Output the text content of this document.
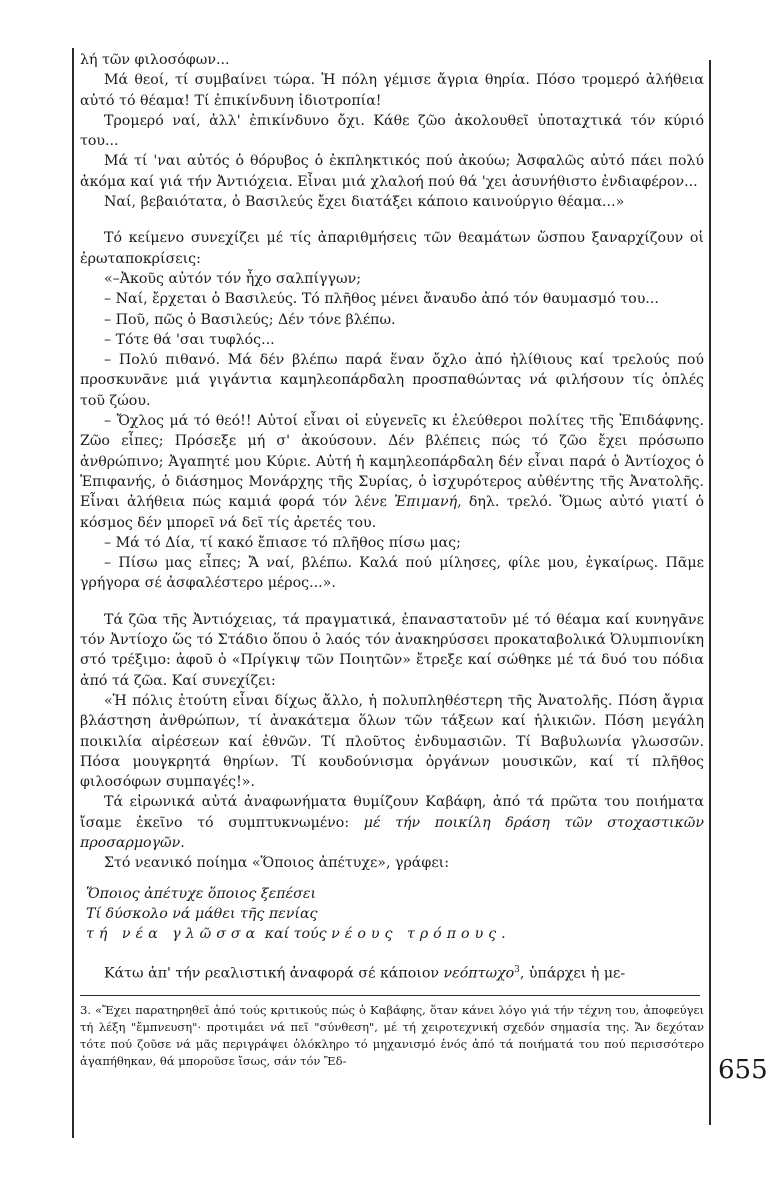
655

λή τῶν φιλοσόφων...

Μά θεοί, τί συμβαίνει τώρα. Ἡ πόλη γέμισε ἄγρια θηρία. Πόσο τρομερό ἀλήθεια αὐτό τό θέαμα! Τί ἐπικίνδυνη ἰδιοτροπία!

Τρομερό ναί, ἀλλ' ἐπικίνδυνο ὄχι. Κάθε ζῶο ἀκολουθεῖ ὑποταχτικά τόν κύριό του...

Μά τί 'ναι αὐτός ὁ θόρυβος ὁ ἐκπληκτικός πού ἀκούω; Ἀσφαλῶς αὐτό πάει πολύ ἀκόμα καί γιά τήν Ἀντιόχεια. Εἶναι μιά χλαλοή πού θά 'χει ἀσυνήθιστο ἐνδιαφέρον...

Ναί, βεβαιότατα, ὁ Βασιλεύς ἔχει διατάξει κάποιο καινούργιο θέαμα...»

Τό κείμενο συνεχίζει μέ τίς ἀπαριθμήσεις τῶν θεαμάτων ὥσπου ξαναρχίζουν οἱ ἐρωταποκρίσεις:

«–Ἀκοῦς αὐτόν τόν ἦχο σαλπίγγων;

– Ναί, ἔρχεται ὁ Βασιλεύς. Τό πλῆθος μένει ἄναυδο ἀπό τόν θαυμασμό του...

– Ποῦ, πῶς ὁ Βασιλεύς; Δέν τόνε βλέπω.

– Τότε θά 'σαι τυφλός...

– Πολύ πιθανό. Μά δέν βλέπω παρά ἕναν ὄχλο ἀπό ἠλίθιους καί τρελούς πού προσκυνᾶνε μιά γιγάντια καμηλεοπάρδαλη προσπαθώντας νά φιλήσουν τίς ὁπλές τοῦ ζώου.

– Ὄχλος μά τό θεό!! Αὐτοί εἶναι οἱ εὐγενεῖς κι ἐλεύθεροι πολίτες τῆς Ἐπιδάφνης. Ζῶο εἶπες; Πρόσεξε μή σ' ἀκούσουν. Δέν βλέπεις πώς τό ζῶο ἔχει πρόσωπο ἀνθρώπινο; Ἀγαπητέ μου Κύριε. Αὐτή ἡ καμηλεοπάρδαλη δέν εἶναι παρά ὁ Ἀντίοχος ὁ Ἐπιφανής, ὁ διάσημος Μονάρχης τῆς Συρίας, ὁ ἰσχυρότερος αὐθέντης τῆς Ἀνατολῆς. Εἶναι ἀλήθεια πώς καμιά φορά τόν λένε Ἐπιμανή, δηλ. τρελό. Ὅμως αὐτό γιατί ὁ κόσμος δέν μπορεῖ νά δεῖ τίς ἀρετές του.

– Μά τό Δία, τί κακό ἔπιασε τό πλῆθος πίσω μας;

– Πίσω μας εἶπες; Ἄ ναί, βλέπω. Καλά πού μίλησες, φίλε μου, ἐγκαίρως. Πᾶμε γρήγορα σέ ἀσφαλέστερο μέρος...».

Τά ζῶα τῆς Ἀντιόχειας, τά πραγματικά, ἐπαναστατοῦν μέ τό θέαμα καί κυνηγᾶνε τόν Ἀντίοχο ὥς τό Στάδιο ὅπου ὁ λαός τόν ἀνακηρύσσει προκαταβολικά Ὀλυμπιονίκη στό τρέξιμο: ἀφοῦ ὁ «Πρίγκιψ τῶν Ποιητῶν» ἔτρεξε καί σώθηκε μέ τά δυό του πόδια ἀπό τά ζῶα. Καί συνεχίζει:

«Ἡ πόλις ἐτούτη εἶναι δίχως ἄλλο, ἡ πολυπληθέστερη τῆς Ἀνατολῆς. Πόση ἄγρια βλάστηση ἀνθρώπων, τί ἀνακάτεμα ὅλων τῶν τάξεων καί ἡλικιῶν. Πόση μεγάλη ποικιλία αἱρέσεων καί ἐθνῶν. Τί πλοῦτος ἐνδυμασιῶν. Τί Βαβυλωνία γλωσσῶν. Πόσα μουγκρητά θηρίων. Τί κουδούνισμα ὀργάνων μουσικῶν, καί τί πλῆθος φιλοσόφων συμπαγές!».

Τά εἰρωνικά αὐτά ἀναφωνήματα θυμίζουν Καβάφη, ἀπό τά πρῶτα του ποιήματα ἴσαμε ἐκεῖνο τό συμπτυκνωμένο: μέ τήν ποικίλη δράση τῶν στοχαστικῶν προσαρμογῶν.

Στό νεανικό ποίημα «Ὅποιος ἀπέτυχε», γράφει:

Ὅποιος ἀπέτυχε ὅποιος ξεπέσει
Τί δύσκολο νά μάθει τῆς πενίας
τή νέα γλῶσσα καί τούς νέους τρόπους.

Κάτω ἀπ' τήν ρεαλιστική ἀναφορά σέ κάποιον νεόπτωχο$^3$, ὑπάρχει ἡ με-

3. «Ἔχει παρατηρηθεῖ ἀπό τούς κριτικούς πώς ὁ Καβάφης, ὅταν κάνει λόγο γιά τήν τέχνη του, ἀποφεύγει τή λέξη "ἔμπνευση"· προτιμάει νά πεῖ "σύνθεση", μέ τή χειροτεχνική σχεδόν σημασία της. Ἄν δεχόταν τότε πού ζοῦσε νά μᾶς περιγράψει ὁλόκληρο τό μηχανισμό ἑνός ἀπό τά ποιήματά του πού περισσότερο ἀγαπήθηκαν, θά μποροῦσε ἴσως, σάν τόν Ἔδ-
